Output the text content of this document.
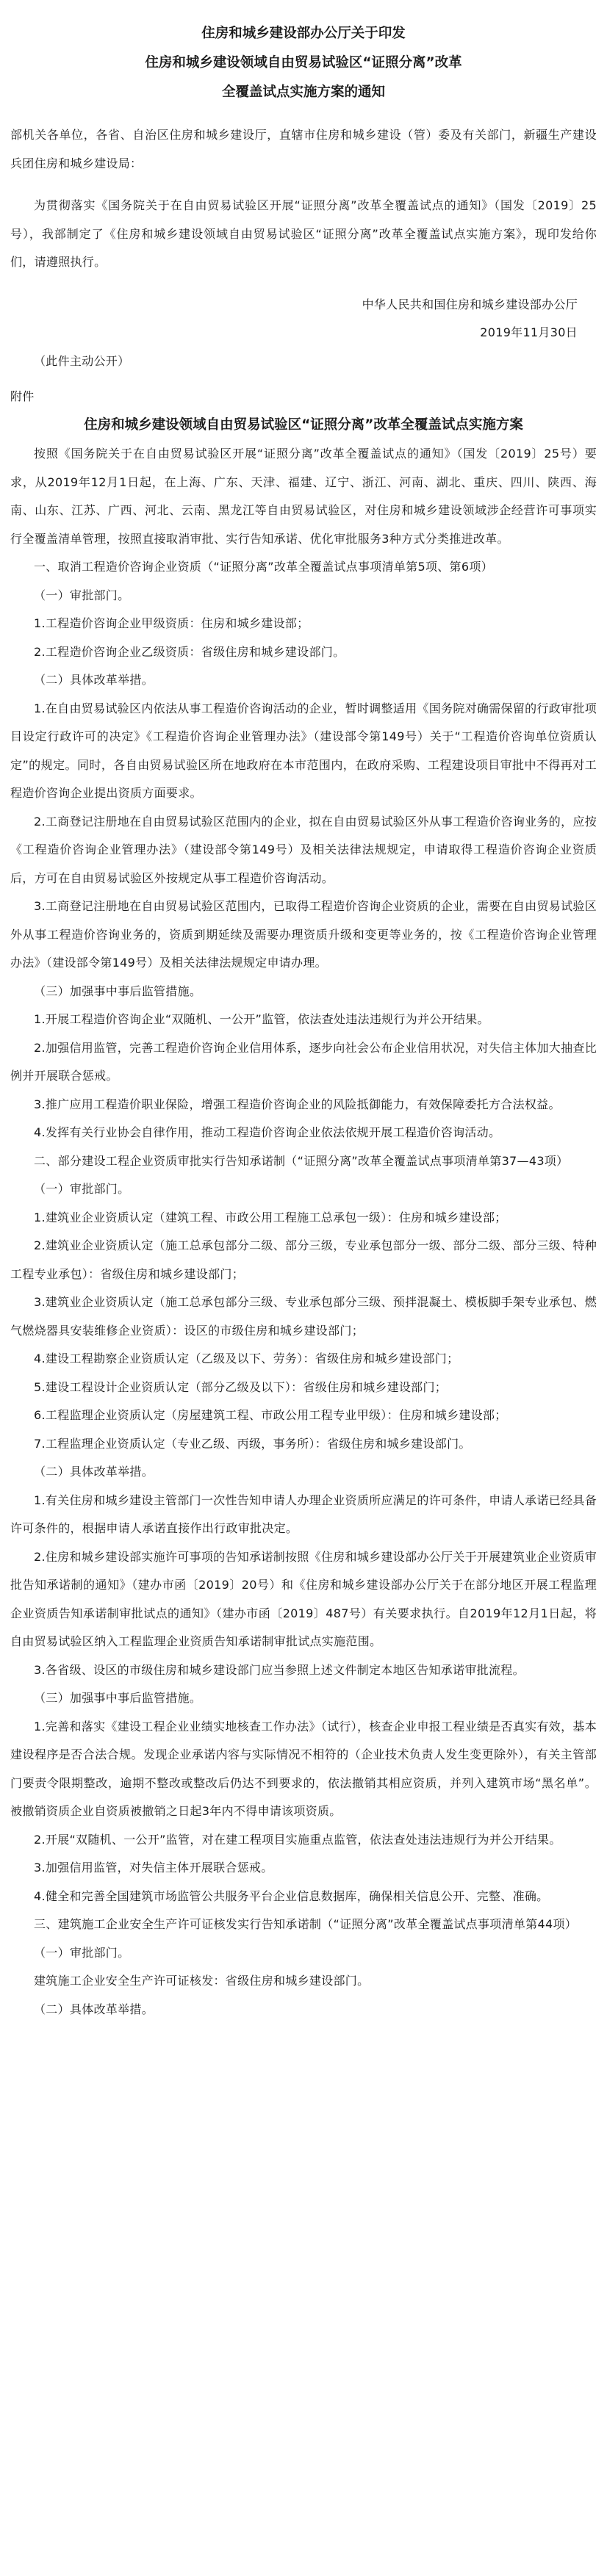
住房和城乡建设部办公厅关于印发
住房和城乡建设领域自由贸易试验区“证照分离”改革
全覆盖试点实施方案的通知

部机关各单位，各省、自治区住房和城乡建设厅，直辖市住房和城乡建设（管）委及有关部门，新疆生产建设兵团住房和城乡建设局：

为贯彻落实《国务院关于在自由贸易试验区开展“证照分离”改革全覆盖试点的通知》（国发〔2019〕25号），我部制定了《住房和城乡建设领域自由贸易试验区“证照分离”改革全覆盖试点实施方案》，现印发给你们，请遵照执行。

中华人民共和国住房和城乡建设部办公厅

2019年11月30日

（此件主动公开）

附件

住房和城乡建设领域自由贸易试验区“证照分离”改革全覆盖试点实施方案

按照《国务院关于在自由贸易试验区开展“证照分离”改革全覆盖试点的通知》（国发〔2019〕25号）要求，从2019年12月1日起，在上海、广东、天津、福建、辽宁、浙江、河南、湖北、重庆、四川、陕西、海南、山东、江苏、广西、河北、云南、黑龙江等自由贸易试验区，对住房和城乡建设领域涉企经营许可事项实行全覆盖清单管理，按照直接取消审批、实行告知承诺、优化审批服务3种方式分类推进改革。

一、取消工程造价咨询企业资质（“证照分离”改革全覆盖试点事项清单第5项、第6项）

（一）审批部门。

1.工程造价咨询企业甲级资质：住房和城乡建设部；

2.工程造价咨询企业乙级资质：省级住房和城乡建设部门。

（二）具体改革举措。

1.在自由贸易试验区内依法从事工程造价咨询活动的企业，暂时调整适用《国务院对确需保留的行政审批项目设定行政许可的决定》《工程造价咨询企业管理办法》（建设部令第149号）关于“工程造价咨询单位资质认定”的规定。同时，各自由贸易试验区所在地政府在本市范围内，在政府采购、工程建设项目审批中不得再对工程造价咨询企业提出资质方面要求。

2.工商登记注册地在自由贸易试验区范围内的企业，拟在自由贸易试验区外从事工程造价咨询业务的，应按《工程造价咨询企业管理办法》（建设部令第149号）及相关法律法规规定，申请取得工程造价咨询企业资质后，方可在自由贸易试验区外按规定从事工程造价咨询活动。

3.工商登记注册地在自由贸易试验区范围内，已取得工程造价咨询企业资质的企业，需要在自由贸易试验区外从事工程造价咨询业务的，资质到期延续及需要办理资质升级和变更等业务的，按《工程造价咨询企业管理办法》（建设部令第149号）及相关法律法规规定申请办理。

（三）加强事中事后监管措施。

1.开展工程造价咨询企业“双随机、一公开”监管，依法查处违法违规行为并公开结果。

2.加强信用监管，完善工程造价咨询企业信用体系，逐步向社会公布企业信用状况，对失信主体加大抽查比例并开展联合惩戒。

3.推广应用工程造价职业保险，增强工程造价咨询企业的风险抵御能力，有效保障委托方合法权益。

4.发挥有关行业协会自律作用，推动工程造价咨询企业依法依规开展工程造价咨询活动。

二、部分建设工程企业资质审批实行告知承诺制（“证照分离”改革全覆盖试点事项清单第37—43项）

（一）审批部门。

1.建筑业企业资质认定（建筑工程、市政公用工程施工总承包一级）：住房和城乡建设部；

2.建筑业企业资质认定（施工总承包部分二级、部分三级，专业承包部分一级、部分二级、部分三级、特种工程专业承包）：省级住房和城乡建设部门；

3.建筑业企业资质认定（施工总承包部分三级、专业承包部分三级、预拌混凝土、模板脚手架专业承包、燃气燃烧器具安装维修企业资质）：设区的市级住房和城乡建设部门；

4.建设工程勘察企业资质认定（乙级及以下、劳务）：省级住房和城乡建设部门；

5.建设工程设计企业资质认定（部分乙级及以下）：省级住房和城乡建设部门；

6.工程监理企业资质认定（房屋建筑工程、市政公用工程专业甲级）：住房和城乡建设部；

7.工程监理企业资质认定（专业乙级、丙级，事务所）：省级住房和城乡建设部门。

（二）具体改革举措。

1.有关住房和城乡建设主管部门一次性告知申请人办理企业资质所应满足的许可条件，申请人承诺已经具备许可条件的，根据申请人承诺直接作出行政审批决定。

2.住房和城乡建设部实施许可事项的告知承诺制按照《住房和城乡建设部办公厅关于开展建筑业企业资质审批告知承诺制的通知》（建办市函〔2019〕20号）和《住房和城乡建设部办公厅关于在部分地区开展工程监理企业资质告知承诺制审批试点的通知》（建办市函〔2019〕487号）有关要求执行。自2019年12月1日起，将自由贸易试验区纳入工程监理企业资质告知承诺制审批试点实施范围。

3.各省级、设区的市级住房和城乡建设部门应当参照上述文件制定本地区告知承诺审批流程。

（三）加强事中事后监管措施。

1.完善和落实《建设工程企业业绩实地核查工作办法》（试行），核查企业申报工程业绩是否真实有效，基本建设程序是否合法合规。发现企业承诺内容与实际情况不相符的（企业技术负责人发生变更除外），有关主管部门要责令限期整改，逾期不整改或整改后仍达不到要求的，依法撤销其相应资质，并列入建筑市场“黑名单”。被撤销资质企业自资质被撤销之日起3年内不得申请该项资质。

2.开展“双随机、一公开”监管，对在建工程项目实施重点监管，依法查处违法违规行为并公开结果。

3.加强信用监管，对失信主体开展联合惩戒。

4.健全和完善全国建筑市场监管公共服务平台企业信息数据库，确保相关信息公开、完整、准确。

三、建筑施工企业安全生产许可证核发实行告知承诺制（“证照分离”改革全覆盖试点事项清单第44项）

（一）审批部门。

建筑施工企业安全生产许可证核发：省级住房和城乡建设部门。

（二）具体改革举措。
